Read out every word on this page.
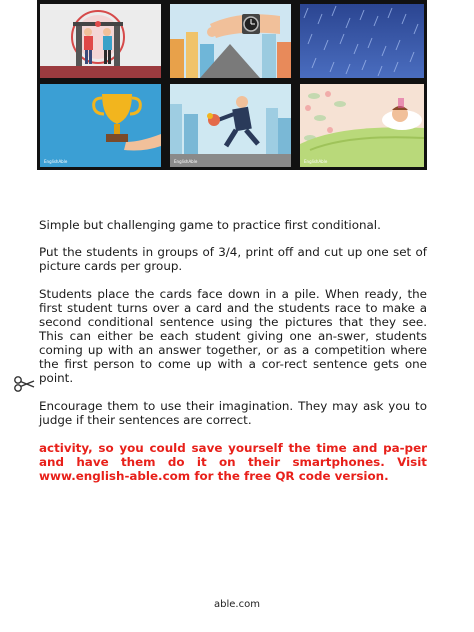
EnglishAble	EnglishAble	EnglishAble

Simple but challenging game to practice first conditional.

Put the students in groups of 3/4, print off and cut up one set of picture cards per group.

Students place the cards face down in a pile. When ready, the first student turns over a card and the students race to make a second conditional sentence using the pictures that they see. This can either be each student giving one an-swer, students coming up with an answer together, or as a competition where the first person to come up with a cor-rect sentence gets one point.

Encourage them to use their imagination. They may ask you to judge if their sentences are correct.

activity, so you could save yourself the time and pa-per and have them do it on their smartphones. Visit www.english-able.com for the free QR code version.

able.com
